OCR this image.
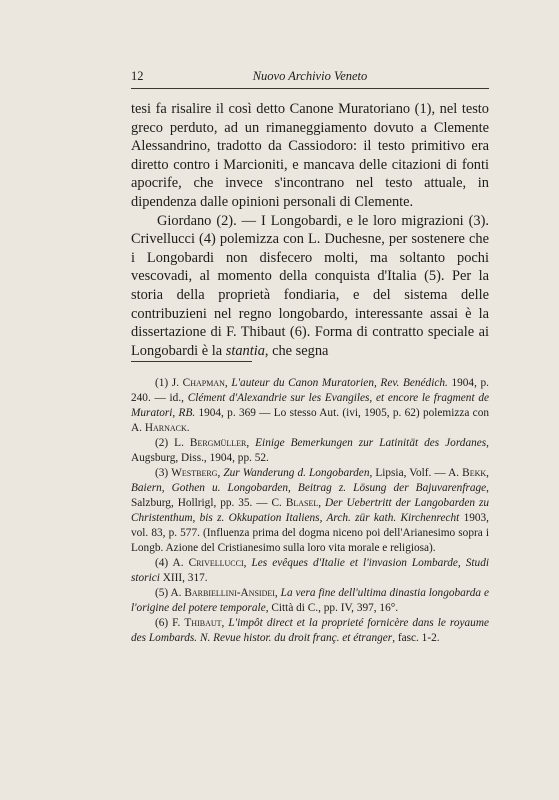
12	Nuovo Archivio Veneto

tesi fa risalire il così detto Canone Muratoriano (1), nel testo greco perduto, ad un rimaneggiamento dovuto a Clemente Alessandrino, tradotto da Cassiodoro: il testo primitivo era diretto contro i Marcioniti, e mancava delle citazioni di fonti apocrife, che invece s'incontrano nel testo attuale, in dipendenza dalle opinioni personali di Clemente.

Giordano (2). — I Longobardi, e le loro migrazioni (3). Crivellucci (4) polemizza con L. Duchesne, per sostenere che i Longobardi non disfecero molti, ma soltanto pochi vescovadi, al momento della conquista d'Italia (5). Per la storia della proprietà fondiaria, e del sistema delle contribuzieni nel regno longobardo, interessante assai è la dissertazione di F. Thibaut (6). Forma di contratto speciale ai Longobardi è la stantia, che segna

(1) J. Chapman, L'auteur du Canon Muratorien, Rev. Benédich. 1904, p. 240. — id., Clément d'Alexandrie sur les Evangiles, et encore le fragment de Muratori, RB. 1904, p. 369 — Lo stesso Aut. (ivi, 1905, p. 62) polemizza con A. Harnack.

(2) L. Bergmüller, Einige Bemerkungen zur Latinität des Jordanes, Augsburg, Diss., 1904, pp. 52.

(3) Westberg, Zur Wanderung d. Longobarden, Lipsia, Volf. — A. Bekk, Baiern, Gothen u. Longobarden, Beitrag z. Lösung der Bajuvarenfrage, Salzburg, Hollrigl, pp. 35. — C. Blasel, Der Uebertritt der Langobarden zu Christenthum, bis z. Okkupation Italiens, Arch. zür kath. Kirchenrecht 1903, vol. 83, p. 577. (Influenza prima del dogma niceno poi dell'Arianesimo sopra i Longb. Azione del Cristianesimo sulla loro vita morale e religiosa).

(4) A. Crivellucci, Les evêques d'Italie et l'invasion Lombarde, Studi storici XIII, 317.

(5) A. Barbiellini-Ansidei, La vera fine dell'ultima dinastia longobarda e l'origine del potere temporale, Città di C., pp. IV, 397, 16°.

(6) F. Thibaut, L'impôt direct et la proprieté fornicère dans le royaume des Lombards. N. Revue histor. du droit franç. et étranger, fasc. 1-2.
